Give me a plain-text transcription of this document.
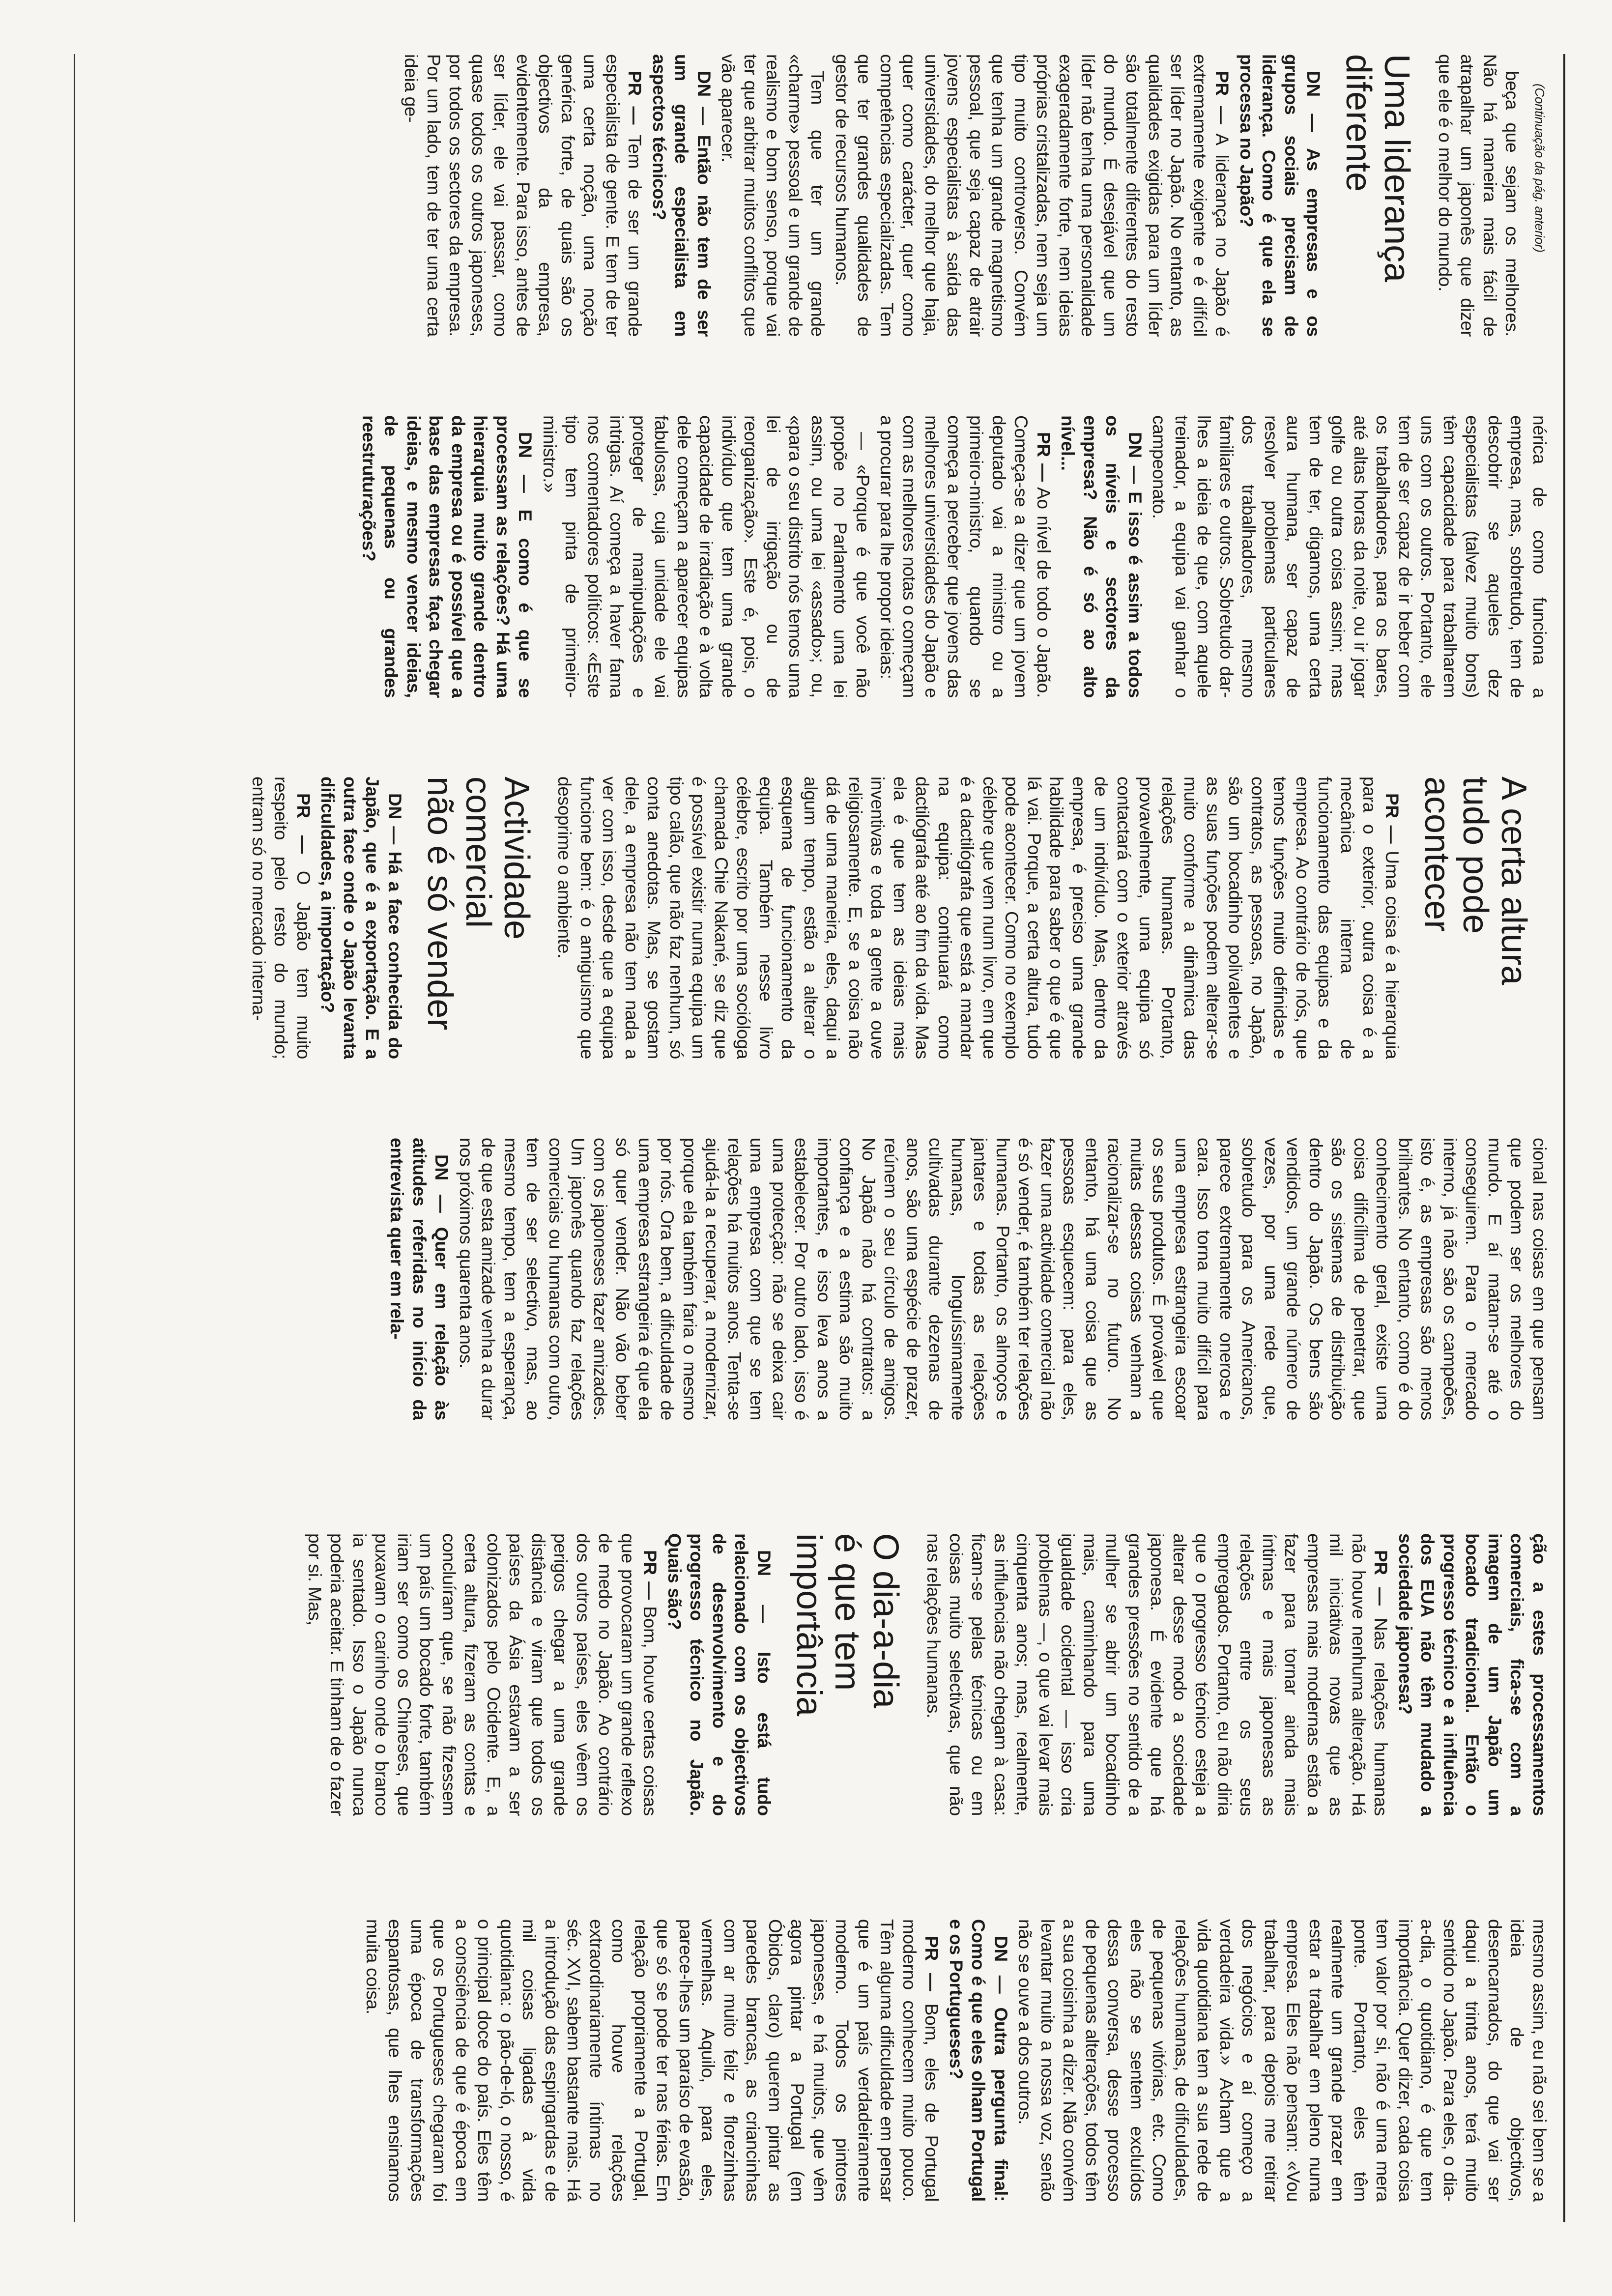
(Continuação da pág. anterior)

beça que sejam os melhores. Não há maneira mais fácil de atrapalhar um japonês que dizer que ele é o melhor do mundo.

Uma liderança
diferente

DN — As empresas e os grupos sociais precisam de liderança. Como é que ela se processa no Japão?

PR — A liderança no Japão é extremamente exigente e é difícil ser líder no Japão. No entanto, as qualidades exigidas para um líder são totalmente diferentes do resto do mundo. É desejável que um líder não tenha uma personalidade exageradamente forte, nem ideias próprias cristalizadas, nem seja um tipo muito controverso. Convém que tenha um grande magnetismo pessoal, que seja capaz de atrair jovens especialistas à saída das universidades, do melhor que haja, quer como carácter, quer como competências especializadas. Tem que ter grandes qualidades de gestor de recursos humanos.

Tem que ter um grande «charme» pessoal e um grande de realismo e bom senso, porque vai ter que arbitrar muitos conflitos que vão aparecer.

DN — Então não tem de ser um grande especialista em aspectos técnicos?

PR — Tem de ser um grande especialista de gente. E tem de ter uma certa noção, uma noção genérica forte, de quais são os objectivos da empresa, evidentemente. Para isso, antes de ser líder, ele vai passar, como quase todos os outros japoneses, por todos os sectores da empresa. Por um lado, tem de ter uma certa ideia ge-

nérica de como funciona a empresa, mas, sobretudo, tem de descobrir se aqueles dez especialistas (talvez muito bons) têm capacidade para trabalharem uns com os outros. Portanto, ele tem de ser capaz de ir beber com os trabalhadores, para os bares, até altas horas da noite, ou ir jogar golfe ou outra coisa assim; mas tem de ter, digamos, uma certa aura humana, ser capaz de resolver problemas particulares dos trabalhadores, mesmo familiares e outros. Sobretudo dar-lhes a ideia de que, com aquele treinador, a equipa vai ganhar o campeonato.

DN — E isso é assim a todos os níveis e sectores da empresa? Não é só ao alto nível...

PR — Ao nível de todo o Japão. Começa-se a dizer que um jovem deputado vai a ministro ou a primeiro-ministro, quando se começa a perceber que jovens das melhores universidades do Japão e com as melhores notas o começam a procurar para lhe propor ideias:

— «Porque é que você não propõe no Parlamento uma lei assim, ou uma lei «assado»; ou, «para o seu distrito nós temos uma lei de irrigação ou de reorganização». Este é, pois, o indivíduo que tem uma grande capacidade de irradiação e à volta dele começam a aparecer equipas fabulosas, cuja unidade ele vai proteger de manipulações e intrigas. Aí começa a haver fama nos comentadores políticos: «Este tipo tem pinta de primeiro-ministro.»

DN — E como é que se processam as relações? Há uma hierarquia muito grande dentro da empresa ou é possível que a base das empresas faça chegar ideias, e mesmo vencer ideias, de pequenas ou grandes reestruturações?

A certa altura
tudo pode acontecer

PR — Uma coisa é a hierarquia para o exterior, outra coisa é a mecânica interna de funcionamento das equipas e da empresa. Ao contrário de nós, que temos funções muito definidas e contratos, as pessoas, no Japão, são um bocadinho polivalentes e as suas funções podem alterar-se muito conforme a dinâmica das relações humanas. Portanto, provavelmente, uma equipa só contactará com o exterior através de um indivíduo. Mas, dentro da empresa, é preciso uma grande habilidade para saber o que é que lá vai. Porque, a certa altura, tudo pode acontecer. Como no exemplo célebre que vem num livro, em que é a dactilógrafa que está a mandar na equipa: continuará como dactilógrafa até ao fim da vida. Mas ela é que tem as ideias mais inventivas e toda a gente a ouve religiosamente. E, se a coisa não dá de uma maneira, eles, daqui a algum tempo, estão a alterar o esquema de funcionamento da equipa. Também nesse livro célebre, escrito por uma socióloga chamada Chie Nakané, se diz que é possível existir numa equipa um tipo calão, que não faz nenhum, só conta anedotas. Mas, se gostam dele, a empresa não tem nada a ver com isso, desde que a equipa funcione bem: é o amiguismo que desoprime o ambiente.

Actividade comercial
não é só vender

DN — Há a face conhecida do Japão, que é a exportação. E a outra face onde o Japão levanta dificuldades, a importação?

PR — O Japão tem muito respeito pelo resto do mundo; entram só no mercado interna-

cional nas coisas em que pensam que podem ser os melhores do mundo. E aí matam-se até o conseguirem. Para o mercado interno, já não são os campeões, isto é, as empresas são menos brilhantes. No entanto, como é do conhecimento geral, existe uma coisa dificílima de penetrar, que são os sistemas de distribuição dentro do Japão. Os bens são vendidos, um grande número de vezes, por uma rede que, sobretudo para os Americanos, parece extremamente onerosa e cara. Isso torna muito difícil para uma empresa estrangeira escoar os seus produtos. É provável que muitas dessas coisas venham a racionalizar-se no futuro. No entanto, há uma coisa que as pessoas esquecem: para eles, fazer uma actividade comercial não é só vender, é também ter relações humanas. Portanto, os almoços e jantares e todas as relações humanas, longuíssimamente cultivadas durante dezenas de anos, são uma espécie de prazer, reúnem o seu círculo de amigos. No Japão não há contratos: a confiança e a estima são muito importantes, e isso leva anos a estabelecer. Por outro lado, isso é uma protecção: não se deixa cair uma empresa com que se tem relações há muitos anos. Tenta-se ajudá-la a recuperar, a modernizar, porque ela também faria o mesmo por nós. Ora bem, a dificuldade de uma empresa estrangeira é que ela só quer vender. Não vão beber com os japoneses fazer amizades. Um japonês quando faz relações comerciais ou humanas com outro, tem de ser selectivo, mas, ao mesmo tempo, tem a esperança, de que esta amizade venha a durar nos próximos quarenta anos.

DN — Quer em relação às atitudes referidas no início da entrevista quer em rela-

ção a estes processamentos comerciais, fica-se com a imagem de um Japão um bocado tradicional. Então o progresso técnico e a influência dos EUA não têm mudado a sociedade japonesa?

PR — Nas relações humanas não houve nenhuma alteração. Há mil iniciativas novas que as empresas mais modernas estão a fazer para tornar ainda mais íntimas e mais japonesas as relações entre os seus empregados. Portanto, eu não diria que o progresso técnico esteja a alterar desse modo a sociedade japonesa. É evidente que há grandes pressões no sentido de a mulher se abrir um bocadinho mais, caminhando para uma igualdade ocidental — isso cria problemas —, o que vai levar mais cinquenta anos; mas, realmente, as influências não chegam à casa: ficam-se pelas técnicas ou em coisas muito selectivas, que não nas relações humanas.

O dia-a-dia
é que tem importância

DN — Isto está tudo relacionado com os objectivos de desenvolvimento e do progresso técnico no Japão. Quais são?

PR — Bom, houve certas coisas que provocaram um grande reflexo de medo no Japão. Ao contrário dos outros países, eles vêem os perigos chegar a uma grande distância e viram que todos os países da Ásia estavam a ser colonizados pelo Ocidente. E, a certa altura, fizeram as contas e concluíram que, se não fizessem um país um bocado forte, também iriam ser como os Chineses, que puxavam o carinho onde o branco ia sentado. Isso o Japão nunca poderia aceitar. E tinham de o fazer por si. Mas,

mesmo assim, eu não sei bem se a ideia de objectivos, desencarnados, do que vai ser daqui a trinta anos, terá muito sentido no Japão. Para eles, o dia-a-dia, o quotidiano, é que tem importância. Quer dizer, cada coisa tem valor por si, não é uma mera ponte. Portanto, eles têm realmente um grande prazer em estar a trabalhar em pleno numa empresa. Eles não pensam: «Vou trabalhar, para depois me retirar dos negócios e aí começo a verdadeira vida.» Acham que a vida quotidiana tem a sua rede de relações humanas, de dificuldades, de pequenas vitórias, etc. Como eles não se sentem excluídos dessa conversa, desse processo de pequenas alterações, todos têm a sua coisinha a dizer. Não convém levantar muito a nossa voz, senão não se ouve a dos outros.

DN — Outra pergunta final: Como é que eles olham Portugal e os Portugueses?

PR — Bom, eles de Portugal moderno conhecem muito pouco. Têm alguma dificuldade em pensar que é um país verdadeiramente moderno. Todos os pintores japoneses, e há muitos, que vêm agora pintar a Portugal (em Óbidos, claro) querem pintar as paredes brancas, as criancinhas com ar muito feliz e florezinhas vermelhas. Aquilo, para eles, parece-lhes um paraíso de evasão, que só se pode ter nas férias. Em relação propriamente a Portugal, como houve relações extraordinariamente íntimas no séc. XVI, sabem bastante mais. Há a introdução das espingardas e de mil coisas ligadas à vida quotidiana: o pão-de-ló, o nosso, é o principal doce do país. Eles têm a consciência de que é época em que os Portugueses chegaram foi uma época de transformações espantosas, que lhes ensinamos muita coisa.
